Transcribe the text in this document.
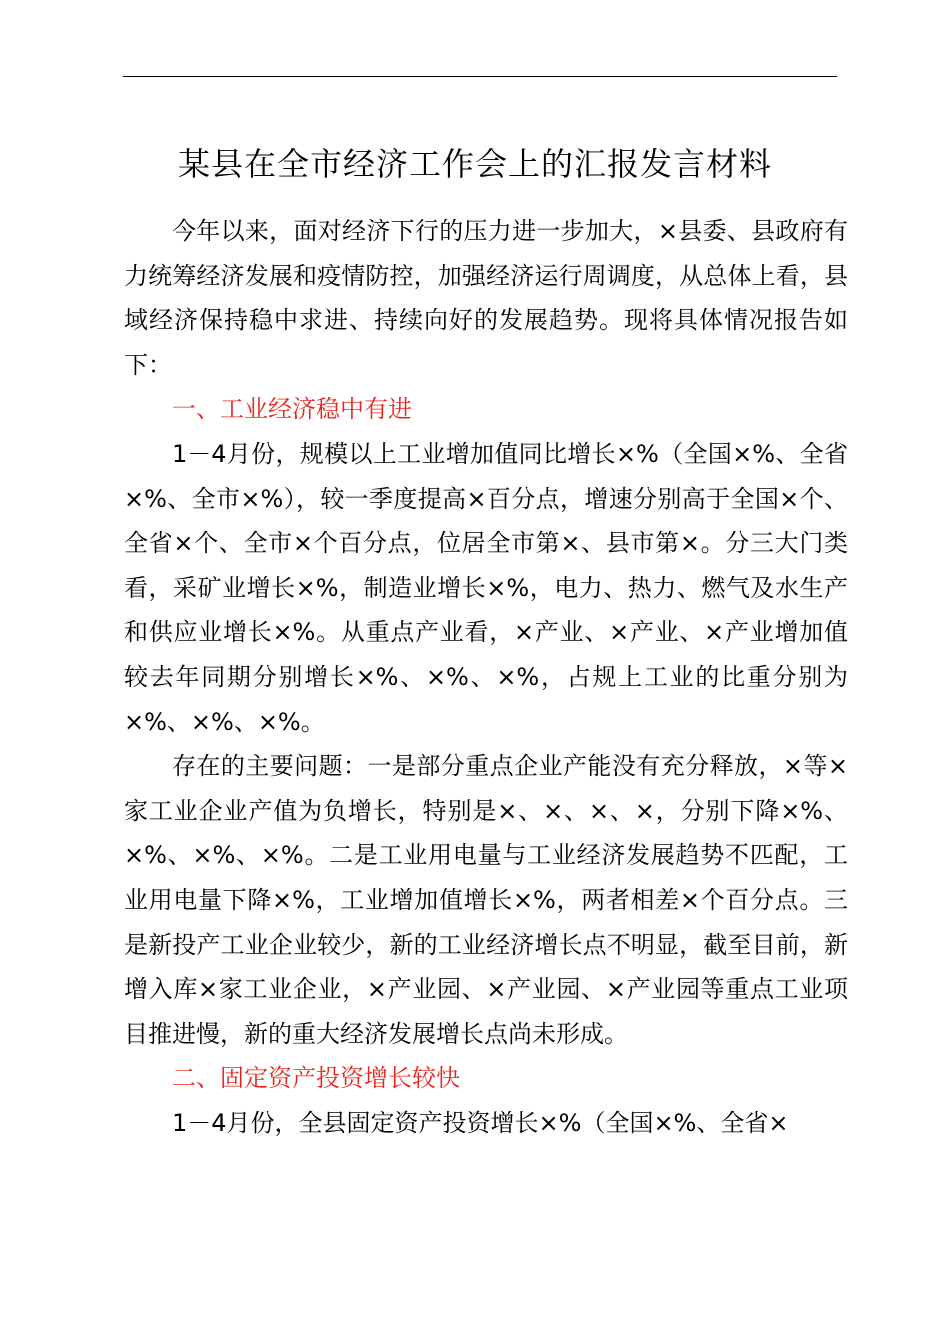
某县在全市经济工作会上的汇报发言材料

今年以来，面对经济下行的压力进一步加大，×县委、县政府有力统筹经济发展和疫情防控，加强经济运行周调度，从总体上看，县域经济保持稳中求进、持续向好的发展趋势。现将具体情况报告如下：

一、工业经济稳中有进

1－4月份，规模以上工业增加值同比增长×%（全国×%、全省×%、全市×%），较一季度提高×百分点，增速分别高于全国×个、全省×个、全市×个百分点，位居全市第×、县市第×。分三大门类看，采矿业增长×%，制造业增长×%，电力、热力、燃气及水生产和供应业增长×%。从重点产业看，×产业、×产业、×产业增加值较去年同期分别增长×%、×%、×%，占规上工业的比重分别为×%、×%、×%。

存在的主要问题：一是部分重点企业产能没有充分释放，×等×家工业企业产值为负增长，特别是×、×、×、×，分别下降×%、×%、×%、×%。二是工业用电量与工业经济发展趋势不匹配，工业用电量下降×%，工业增加值增长×%，两者相差×个百分点。三是新投产工业企业较少，新的工业经济增长点不明显，截至目前，新增入库×家工业企业，×产业园、×产业园、×产业园等重点工业项目推进慢，新的重大经济发展增长点尚未形成。

二、固定资产投资增长较快

1－4月份，全县固定资产投资增长×%（全国×%、全省×
